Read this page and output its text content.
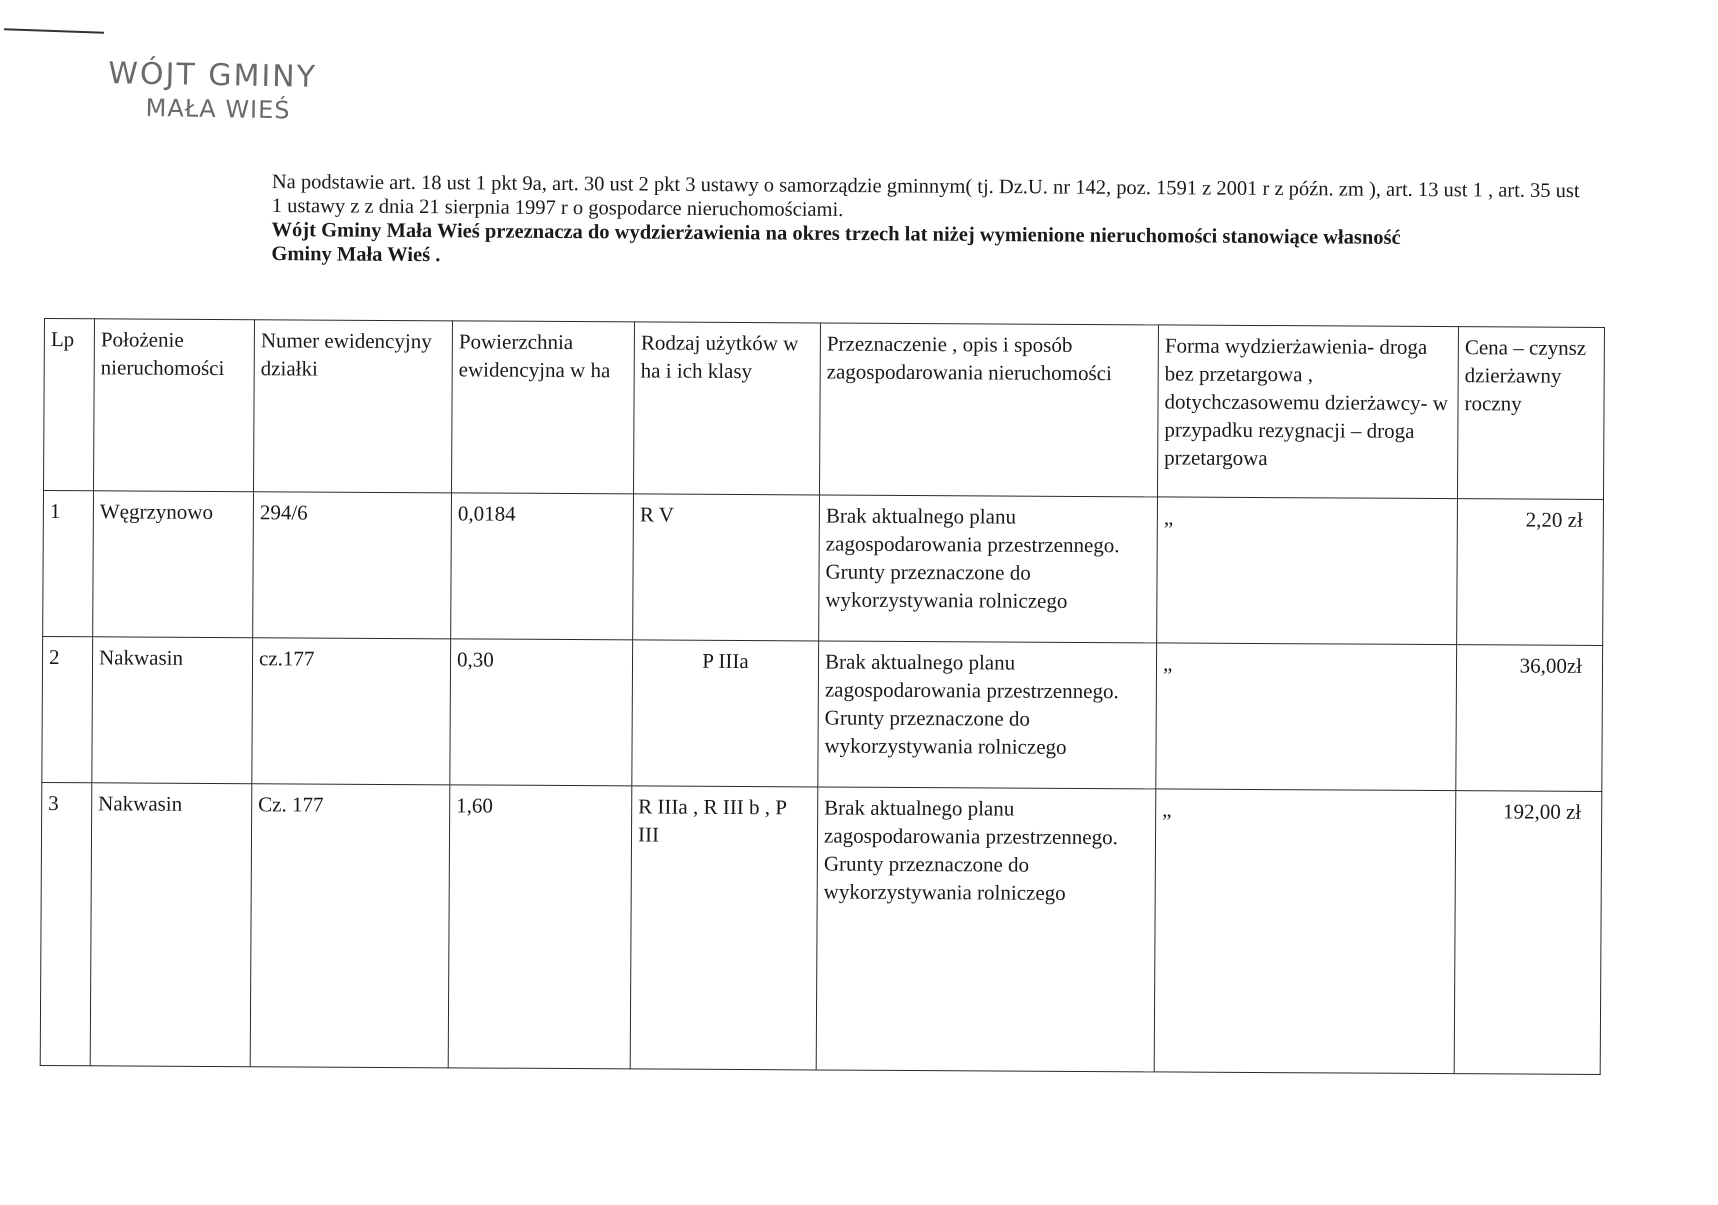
WÓJT GMINY
MAŁA WIEŚ

Na podstawie art. 18 ust 1 pkt 9a, art. 30 ust 2 pkt 3 ustawy o samorządzie gminnym( tj. Dz.U. nr 142, poz. 1591 z 2001 r z późn. zm ), art. 13 ust 1 , art. 35 ust 1 ustawy z z dnia 21 sierpnia 1997 r o gospodarce nieruchomościami.

Wójt Gminy Mała Wieś przeznacza do wydzierżawienia na okres trzech lat niżej wymienione nieruchomości stanowiące własność Gminy Mała Wieś .

Lp	Położenie nieruchomości	Numer ewidencyjny działki	Powierzchnia ewidencyjna w ha	Rodzaj użytków w ha i ich klasy	Przeznaczenie , opis i sposób zagospodarowania nieruchomości	Forma wydzierżawienia- droga bez przetargowa , dotychczasowemu dzierżawcy- w przypadku rezygnacji – droga przetargowa	Cena – czynsz dzierżawny roczny
1	Węgrzynowo	294/6	0,0184	R V	Brak aktualnego planu zagospodarowania przestrzennego. Grunty przeznaczone do wykorzystywania rolniczego	„	2,20 zł
2	Nakwasin	cz.177	0,30	P IIIa	Brak aktualnego planu zagospodarowania przestrzennego. Grunty przeznaczone do wykorzystywania rolniczego	„	36,00zł
3	Nakwasin	Cz. 177	1,60	R IIIa , R III b , P III	Brak aktualnego planu zagospodarowania przestrzennego. Grunty przeznaczone do wykorzystywania rolniczego	„	192,00 zł
